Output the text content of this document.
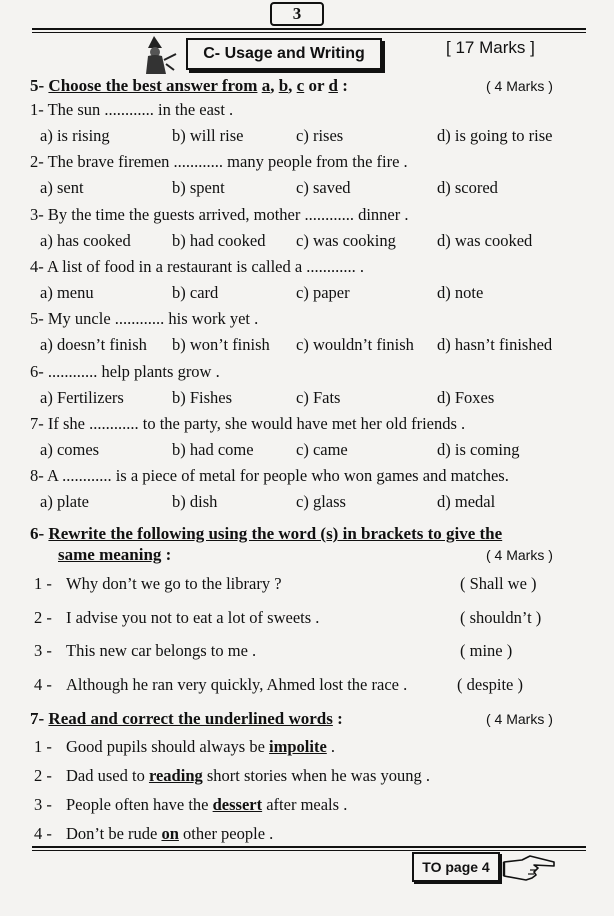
3
C- Usage and Writing	[ 17 Marks ]
5- Choose the best answer from a, b, c or d :	( 4 Marks )
1- The sun ............ in the east .
a) is rising	b) will rise	c) rises	d) is going to rise
2- The brave firemen ............ many people from the fire .
a) sent	b) spent	c) saved	d) scored
3- By the time the guests arrived, mother ............ dinner .
a) has cooked	b) had cooked c) was cooking d) was cooked
4- A list of food in a restaurant is called a ............ .
a) menu	b) card	c) paper	d) note
5- My uncle ............ his work yet .
a) doesn’t finish b) won’t finish c) wouldn’t finish d) hasn’t finished
6- ............ help plants grow .
a) Fertilizers	b) Fishes	c) Fats	d) Foxes
7- If she ............ to the party, she would have met her old friends .
a) comes	b) had come	c) came	d) is coming
8- A ............ is a piece of metal for people who won games and matches.
a) plate	b) dish	c) glass	d) medal
6- Rewrite the following using the word (s) in brackets to give the
same meaning :	( 4 Marks )
1 - Why don’t we go to the library ?	( Shall we )
2 - I advise you not to eat a lot of sweets .	( shouldn’t )
3 - This new car belongs to me .	( mine )
4 - Although he ran very quickly, Ahmed lost the race .	( despite )
7- Read and correct the underlined words :	( 4 Marks )
1 - Good pupils should always be impolite .
2 - Dad used to reading short stories when he was young .
3 - People often have the dessert after meals .
4 - Don’t be rude on other people .
TO page 4
